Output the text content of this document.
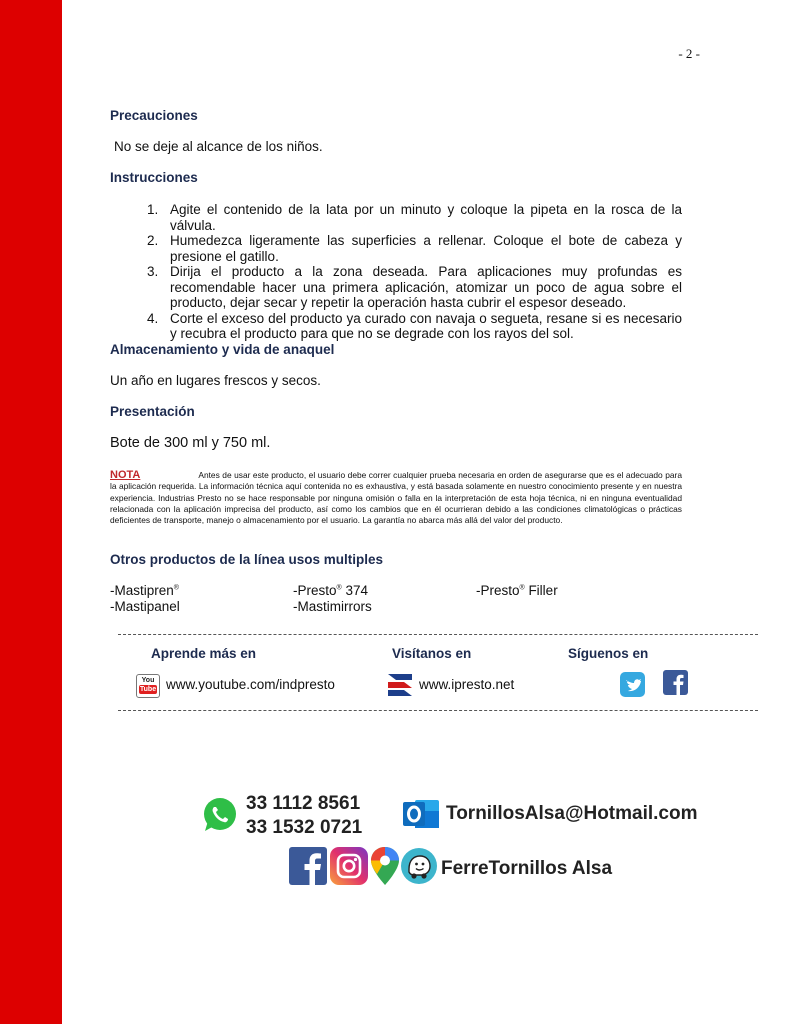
- 2 -
Precauciones
No se deje al alcance de los niños.
Instrucciones
1. Agite el contenido de la lata por un minuto y coloque la pipeta en la rosca de la válvula.
2. Humedezca ligeramente las superficies a rellenar. Coloque el bote de cabeza y presione el gatillo.
3. Dirija el producto a la zona deseada. Para aplicaciones muy profundas es recomendable hacer una primera aplicación, atomizar un poco de agua sobre el producto, dejar secar y repetir la operación hasta cubrir el espesor deseado.
4. Corte el exceso del producto ya curado con navaja o segueta, resane si es necesario y recubra el producto para que no se degrade con los rayos del sol.
Almacenamiento y vida de anaquel
Un año en lugares frescos y secos.
Presentación
Bote de 300 ml y 750 ml.
NOTA	Antes de usar este producto, el usuario debe correr cualquier prueba necesaria en orden de asegurarse que es el adecuado para la aplicación requerida. La información técnica aquí contenida no es exhaustiva, y está basada solamente en nuestro conocimiento presente y en nuestra experiencia. Industrias Presto no se hace responsable por ninguna omisión o falla en la interpretación de esta hoja técnica, ni en ninguna eventualidad relacionada con la aplicación imprecisa del producto, así como los cambios que en él ocurrieran debido a las condiciones climatológicas o prácticas deficientes de transporte, manejo o almacenamiento por el usuario. La garantía no abarca más allá del valor del producto.
Otros productos de la línea usos multiples
-Mastipren®	-Presto® 374	-Presto® Filler
-Mastipanel	-Mastimirrors
Aprende más en	Visítanos en	Síguenos en
You
Tube www.youtube.com/indpresto	www.ipresto.net
33 1112 8561
33 1532 0721
TornillosAlsa@Hotmail.com
FerreTornillos Alsa
